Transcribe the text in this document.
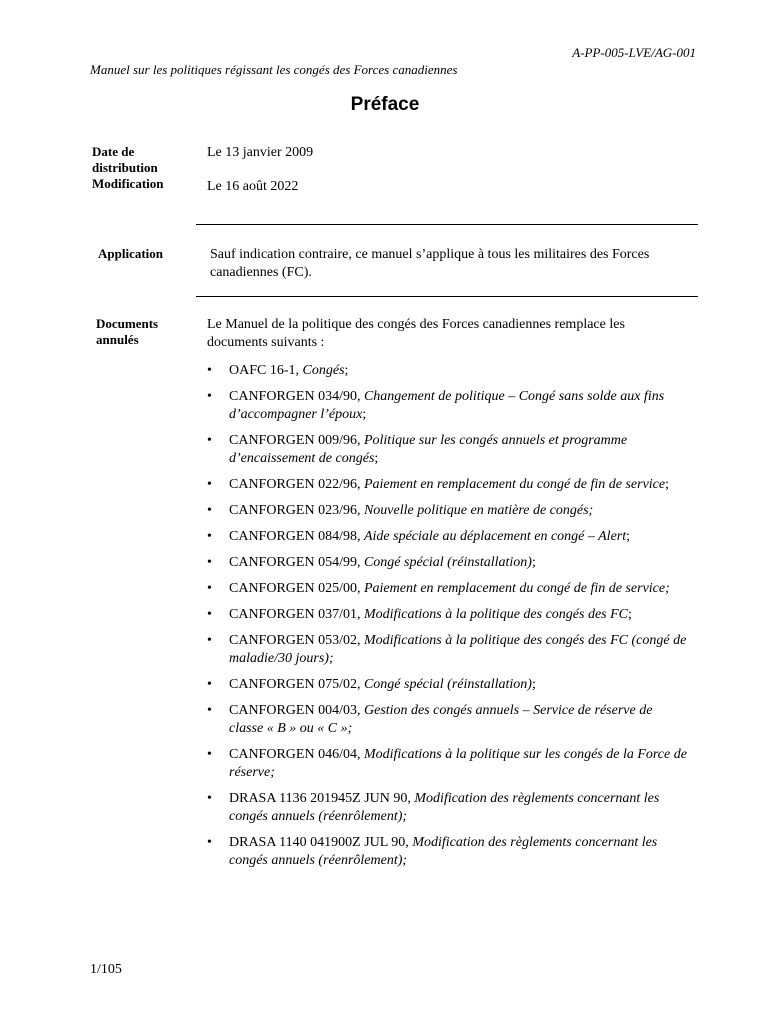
A-PP-005-LVE/AG-001
Manuel sur les politiques régissant les congés des Forces canadiennes
Préface
Date de
distribution
Modification
Le 13 janvier 2009
Le 16 août 2022
Application	Sauf indication contraire, ce manuel s’applique à tous les militaires des Forces
canadiennes (FC).
Documents
annulés
Le Manuel de la politique des congés des Forces canadiennes remplace les documents suivants :
• OAFC 16-1, Congés;
• CANFORGEN 034/90, Changement de politique – Congé sans solde aux fins d’accompagner l’époux;
• CANFORGEN 009/96, Politique sur les congés annuels et programme d’encaissement de congés;
• CANFORGEN 022/96, Paiement en remplacement du congé de fin de service;
• CANFORGEN 023/96, Nouvelle politique en matière de congés;
• CANFORGEN 084/98, Aide spéciale au déplacement en congé – Alert;
• CANFORGEN 054/99, Congé spécial (réinstallation);
• CANFORGEN 025/00, Paiement en remplacement du congé de fin de service;
• CANFORGEN 037/01, Modifications à la politique des congés des FC;
• CANFORGEN 053/02, Modifications à la politique des congés des FC (congé de maladie/30 jours);
• CANFORGEN 075/02, Congé spécial (réinstallation);
• CANFORGEN 004/03, Gestion des congés annuels – Service de réserve de classe « B » ou « C »;
• CANFORGEN 046/04, Modifications à la politique sur les congés de la Force de réserve;
• DRASA 1136 201945Z JUN 90, Modification des règlements concernant les congés annuels (réenrôlement);
• DRASA 1140 041900Z JUL 90, Modification des règlements concernant les congés annuels (réenrôlement);
1/105
